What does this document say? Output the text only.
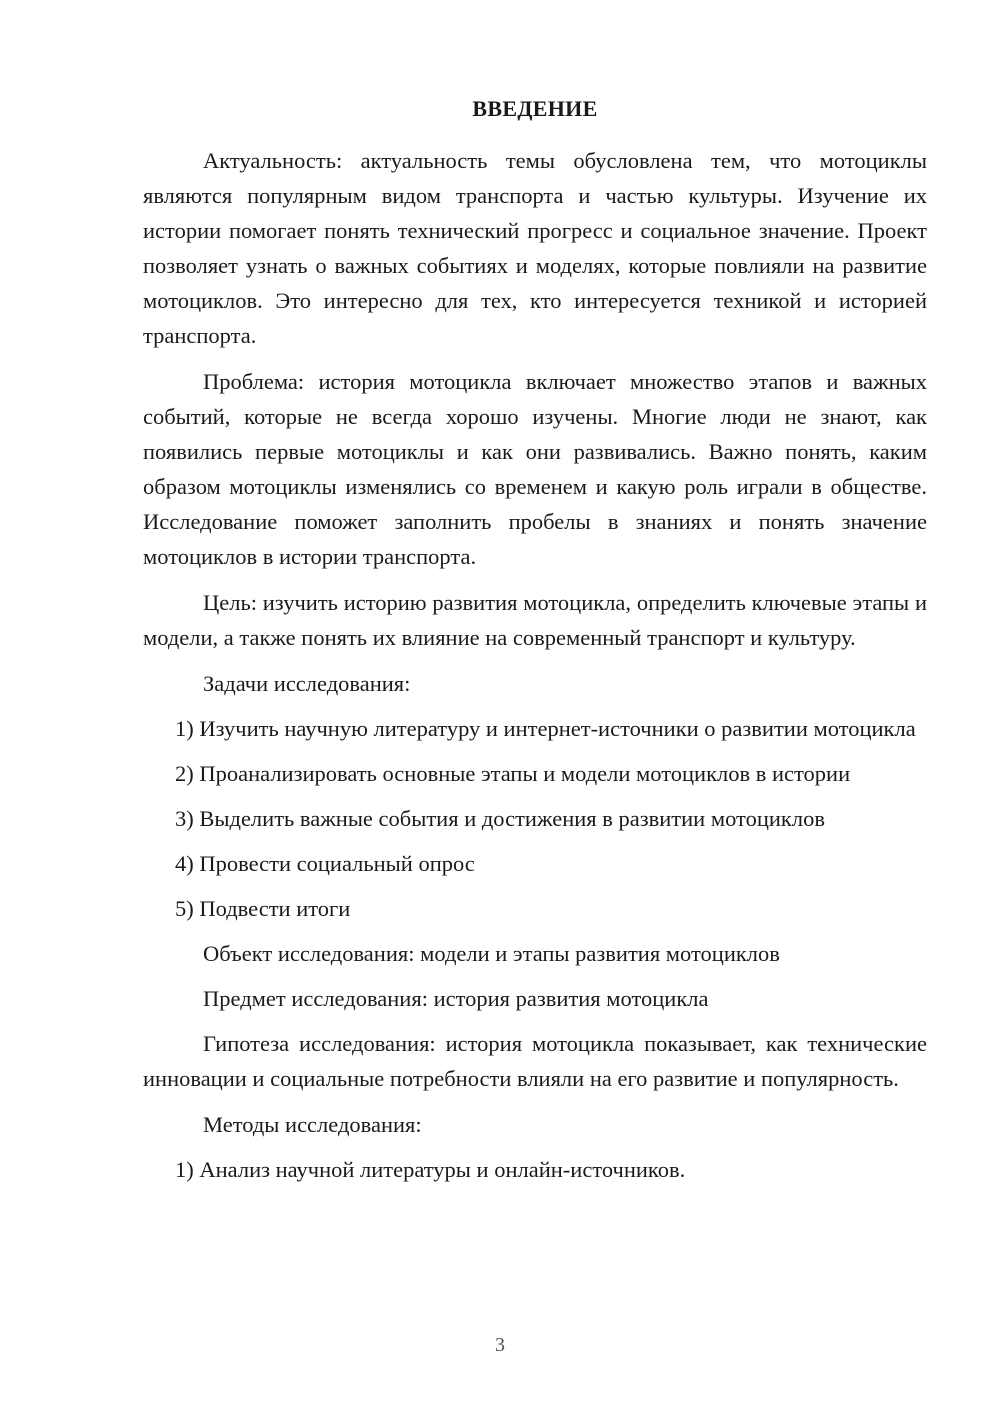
ВВЕДЕНИЕ

Актуальность: актуальность темы обусловлена тем, что мотоциклы являются популярным видом транспорта и частью культуры. Изучение их истории помогает понять технический прогресс и социальное значение. Проект позволяет узнать о важных событиях и моделях, которые повлияли на развитие мотоциклов. Это интересно для тех, кто интересуется техникой и историей транспорта.

Проблема: история мотоцикла включает множество этапов и важных событий, которые не всегда хорошо изучены. Многие люди не знают, как появились первые мотоциклы и как они развивались. Важно понять, каким образом мотоциклы изменялись со временем и какую роль играли в обществе. Исследование поможет заполнить пробелы в знаниях и понять значение мотоциклов в истории транспорта.

Цель: изучить историю развития мотоцикла, определить ключевые этапы и модели, а также понять их влияние на современный транспорт и культуру.

Задачи исследования:

1) Изучить научную литературу и интернет-источники о развитии мотоцикла

2) Проанализировать основные этапы и модели мотоциклов в истории

3) Выделить важные события и достижения в развитии мотоциклов

4) Провести социальный опрос

5) Подвести итоги

Объект исследования: модели и этапы развития мотоциклов

Предмет исследования: история развития мотоцикла

Гипотеза исследования: история мотоцикла показывает, как технические инновации и социальные потребности влияли на его развитие и популярность.

Методы исследования:

1) Анализ научной литературы и онлайн-источников.

3
